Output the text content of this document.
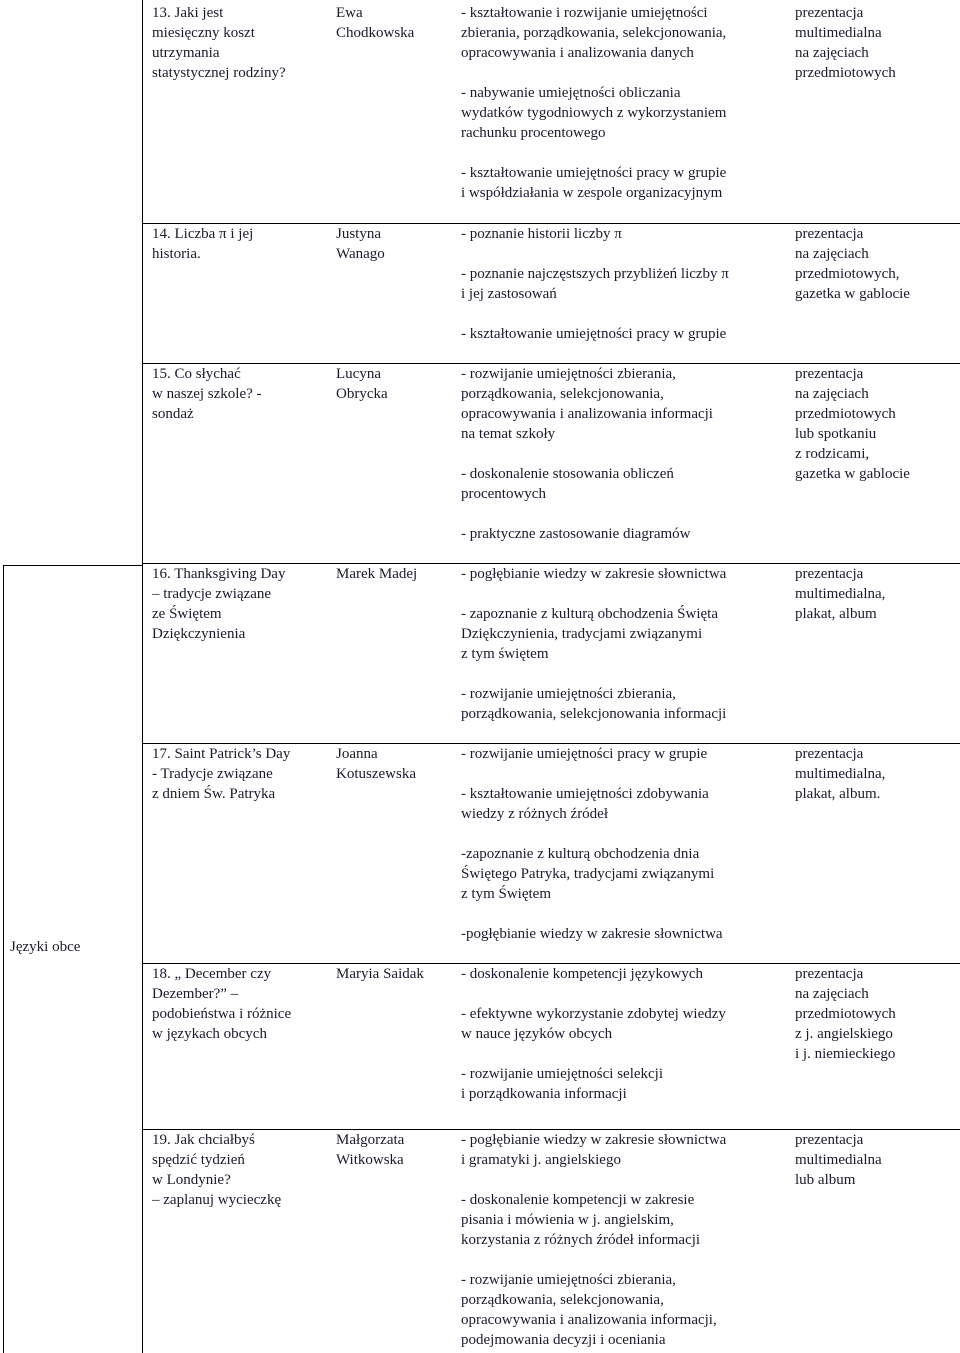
13. Jaki jest
miesięczny koszt
utrzymania
statystycznej rodziny?
Ewa
Chodkowska
- kształtowanie i rozwijanie umiejętności
zbierania, porządkowania, selekcjonowania,
opracowywania i analizowania danych
- nabywanie umiejętności obliczania
wydatków tygodniowych z wykorzystaniem
rachunku procentowego
- kształtowanie umiejętności pracy w grupie
i współdziałania w zespole organizacyjnym
prezentacja
multimedialna
na zajęciach
przedmiotowych
14. Liczba π i jej
historia.
Justyna
Wanago
- poznanie historii liczby π
- poznanie najczęstszych przybliżeń liczby π
i jej zastosowań
- kształtowanie umiejętności pracy w grupie
prezentacja
na zajęciach
przedmiotowych,
gazetka w gablocie
15. Co słychać
w naszej szkole? -
sondaż
Lucyna
Obrycka
- rozwijanie umiejętności zbierania,
porządkowania, selekcjonowania,
opracowywania i analizowania informacji
na temat szkoły
- doskonalenie stosowania obliczeń
procentowych
- praktyczne zastosowanie diagramów
prezentacja
na zajęciach
przedmiotowych
lub spotkaniu
z rodzicami,
gazetka w gablocie
16. Thanksgiving Day
– tradycje związane
ze Świętem
Dziękczynienia
Marek Madej	- pogłębianie wiedzy w zakresie słownictwa
- zapoznanie z kulturą obchodzenia Święta
Dziękczynienia, tradycjami związanymi
z tym świętem
- rozwijanie umiejętności zbierania,
porządkowania, selekcjonowania informacji
prezentacja
multimedialna,
plakat, album
17. Saint Patrick’s Day
- Tradycje związane
z dniem Św. Patryka
Joanna
Kotuszewska
- rozwijanie umiejętności pracy w grupie
- kształtowanie umiejętności zdobywania
wiedzy z różnych źródeł
-zapoznanie z kulturą obchodzenia dnia
Świętego Patryka, tradycjami związanymi
z tym Świętem
-pogłębianie wiedzy w zakresie słownictwa
prezentacja
multimedialna,
plakat, album.
18. „ December czy
Dezember?” –
podobieństwa i różnice
w językach obcych
Maryia Saidak - doskonalenie kompetencji językowych
- efektywne wykorzystanie zdobytej wiedzy
w nauce języków obcych
- rozwijanie umiejętności selekcji
i porządkowania informacji
prezentacja
na zajęciach
przedmiotowych
z j. angielskiego
i j. niemieckiego
19. Jak chciałbyś
spędzić tydzień
w Londynie?
– zaplanuj wycieczkę
Małgorzata
Witkowska
- pogłębianie wiedzy w zakresie słownictwa
i gramatyki j. angielskiego
- doskonalenie kompetencji w zakresie
pisania i mówienia w j. angielskim,
korzystania z różnych źródeł informacji
- rozwijanie umiejętności zbierania,
porządkowania, selekcjonowania,
opracowywania i analizowania informacji,
podejmowania decyzji i oceniania
prezentacja
multimedialna
lub album
Języki obce
